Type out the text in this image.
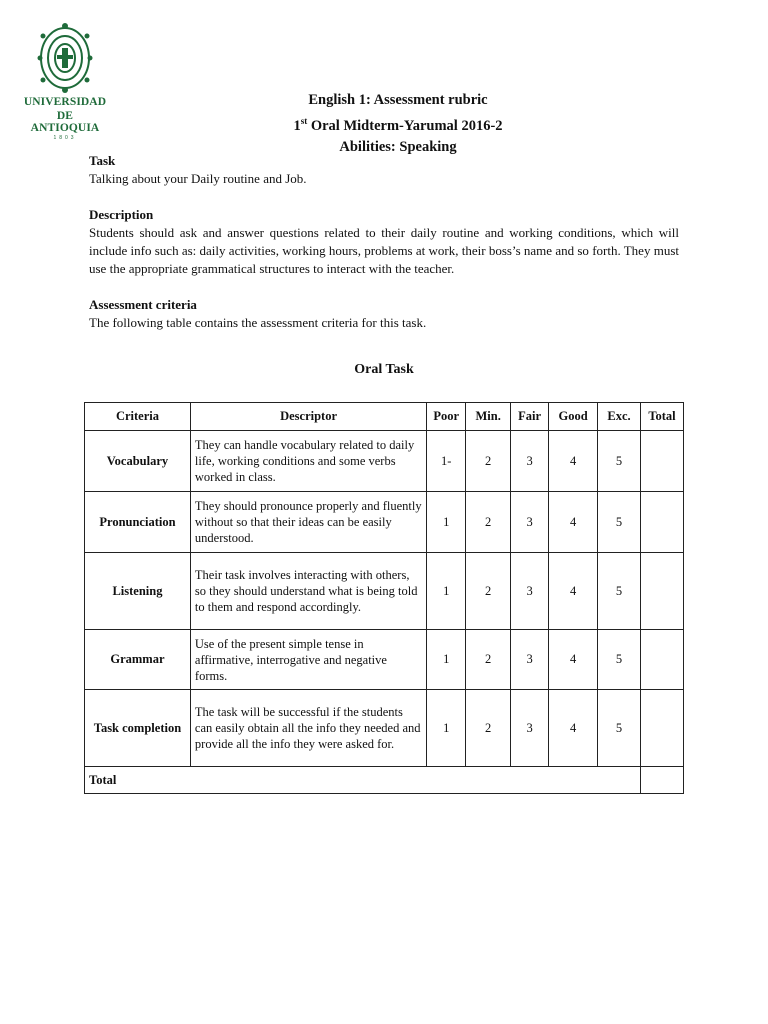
UNIVERSIDAD
DE ANTIOQUIA
1803
English 1: Assessment rubric
1st Oral Midterm-Yarumal 2016-2
Abilities: Speaking
Task

Talking about your Daily routine and Job.

Description

Students should ask and answer questions related to their daily routine and working conditions, which will include info such as: daily activities, working hours, problems at work, their boss’s name and so forth. They must use the appropriate grammatical structures to interact with the teacher.

Assessment criteria

The following table contains the assessment criteria for this task.

Oral Task
Criteria	Descriptor	Poor	Min.	Fair	Good	Exc.	Total
Vocabulary	They can handle vocabulary related to daily life, working conditions and some verbs worked in class.	1-	2	3	4	5	
Pronunciation	They should pronounce properly and fluently without so that their ideas can be easily understood.	1	2	3	4	5	
Listening	Their task involves interacting with others, so they should understand what is being told to them and respond accordingly.	1	2	3	4	5	
Grammar	Use of the present simple tense in affirmative, interrogative and negative forms.	1	2	3	4	5	
Task completion	The task will be successful if the students can easily obtain all the info they needed and provide all the info they were asked for.	1	2	3	4	5	
Total							
